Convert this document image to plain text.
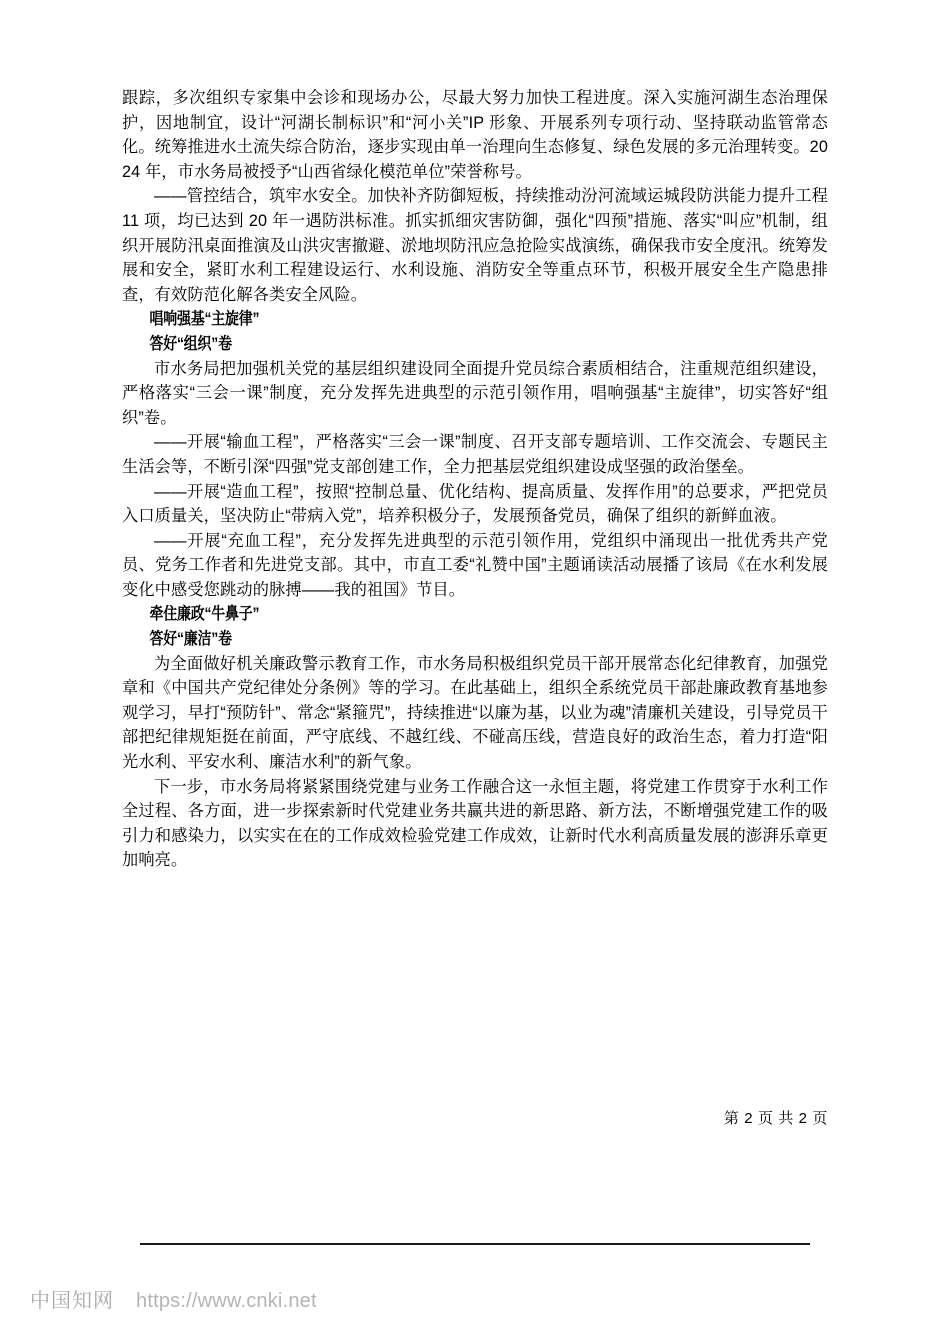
跟踪，多次组织专家集中会诊和现场办公，尽最大努力加快工程进度。深入实施河湖生态治理保护，因地制宜，设计“河湖长制标识”和“河小关”IP 形象、开展系列专项行动、坚持联动监管常态化。统筹推进水土流失综合防治，逐步实现由单一治理向生态修复、绿色发展的多元治理转变。2024 年，市水务局被授予“山西省绿化模范单位”荣誉称号。

——管控结合，筑牢水安全。加快补齐防御短板，持续推动汾河流域运城段防洪能力提升工程 11 项，均已达到 20 年一遇防洪标准。抓实抓细灾害防御，强化“四预”措施、落实“叫应”机制，组织开展防汛桌面推演及山洪灾害撤避、淤地坝防汛应急抢险实战演练，确保我市安全度汛。统筹发展和安全，紧盯水利工程建设运行、水利设施、消防安全等重点环节，积极开展安全生产隐患排查，有效防范化解各类安全风险。

唱响强基“主旋律”

答好“组织”卷

市水务局把加强机关党的基层组织建设同全面提升党员综合素质相结合，注重规范组织建设，严格落实“三会一课”制度，充分发挥先进典型的示范引领作用，唱响强基“主旋律”，切实答好“组织”卷。

——开展“输血工程”，严格落实“三会一课”制度、召开支部专题培训、工作交流会、专题民主生活会等，不断引深“四强”党支部创建工作，全力把基层党组织建设成坚强的政治堡垒。

——开展“造血工程”，按照“控制总量、优化结构、提高质量、发挥作用”的总要求，严把党员入口质量关，坚决防止“带病入党”，培养积极分子，发展预备党员，确保了组织的新鲜血液。

——开展“充血工程”，充分发挥先进典型的示范引领作用，党组织中涌现出一批优秀共产党员、党务工作者和先进党支部。其中，市直工委“礼赞中国”主题诵读活动展播了该局《在水利发展变化中感受您跳动的脉搏——我的祖国》节目。

牵住廉政“牛鼻子”

答好“廉洁”卷

为全面做好机关廉政警示教育工作，市水务局积极组织党员干部开展常态化纪律教育，加强党章和《中国共产党纪律处分条例》等的学习。在此基础上，组织全系统党员干部赴廉政教育基地参观学习，早打“预防针”、常念“紧箍咒”，持续推进“以廉为基，以业为魂”清廉机关建设，引导党员干部把纪律规矩挺在前面，严守底线、不越红线、不碰高压线，营造良好的政治生态，着力打造“阳光水利、平安水利、廉洁水利”的新气象。

下一步，市水务局将紧紧围绕党建与业务工作融合这一永恒主题，将党建工作贯穿于水利工作全过程、各方面，进一步探索新时代党建业务共赢共进的新思路、新方法，不断增强党建工作的吸引力和感染力，以实实在在的工作成效检验党建工作成效，让新时代水利高质量发展的澎湃乐章更加响亮。

第 2 页 共 2 页
中国知网 https://www.cnki.net
